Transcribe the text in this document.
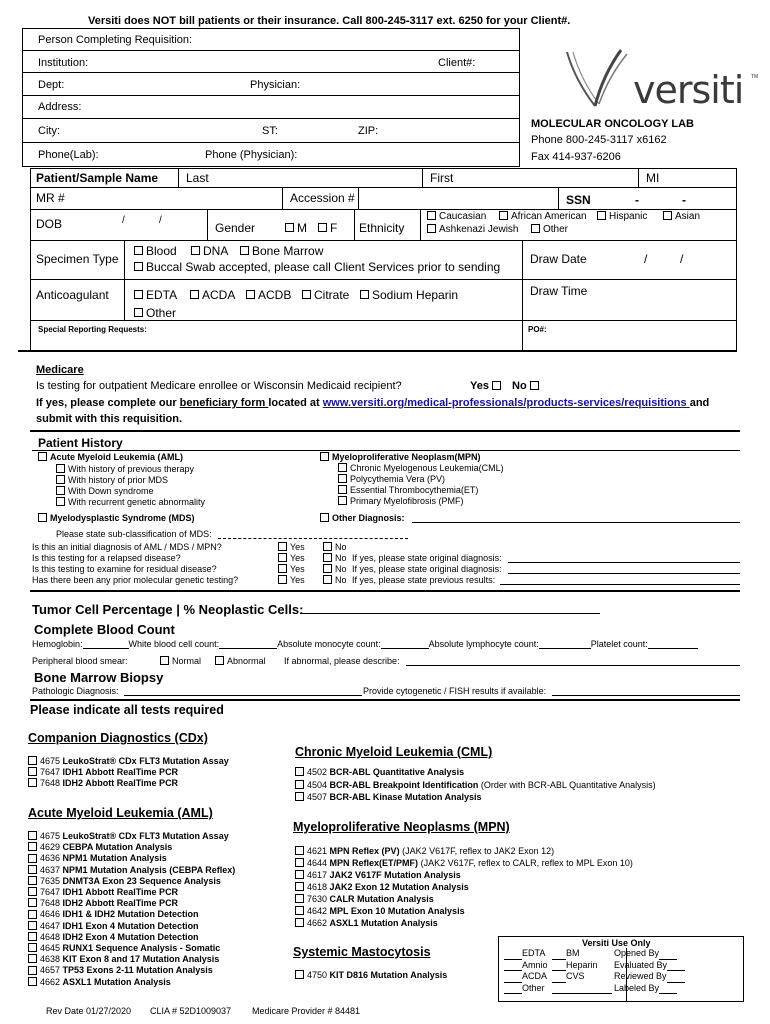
Versiti does NOT bill patients or their insurance. Call 800-245-3117 ext. 6250 for your Client#.
Person Completing Requisition:
Institution:	Client#:
Dept:	Physician:
Address:
City:	ST:	ZIP:
Phone(Lab):	Phone (Physician):
versiti TM
MOLECULAR ONCOLOGY LAB
Phone 800-245-3117 x6162
Fax 414-937-6206
Patient/Sample Name Last	First	MI
MR #	Accession #	SSN	-	-
DOB	/	/
Gender	M	F Ethnicity
Caucasian	African American	Hispanic	Asian
Ashkenazi Jewish	Other
Specimen Type
Blood	DNA	Bone Marrow
Buccal Swab accepted, please call Client Services prior to sending
Draw Date	/	/
Anticoagulant	EDTA	ACDA	ACDB	Citrate	Sodium Heparin
Other
Draw Time
Special Reporting Requests:	PO#:
Medicare
Is testing for outpatient Medicare enrollee or Wisconsin Medicaid recipient?	Yes	No
If yes, please complete our beneficiary form located at www.versiti.org/medical-professionals/products-services/requisitions and
submit with this requisition.
Patient History
Acute Myeloid Leukemia (AML)
With history of previous therapy
With history of prior MDS
With Down syndrome
With recurrent genetic abnormality
Myeloproliferative Neoplasm(MPN)
Chronic Myelogenous Leukemia(CML)
Polycythemia Vera (PV)
Essential Thrombocythemia(ET)
Primary Myelofibrosis (PMF)
Myelodysplastic Syndrome (MDS)	Other Diagnosis:
Please state sub-classification of MDS:
Is this an initial diagnosis of AML / MDS / MPN?	Yes	No
Is this testing for a relapsed disease?	Yes	No If yes, please state original diagnosis:
Is this testing to examine for residual disease?	Yes	No If yes, please state original diagnosis:
Has there been any prior molecular genetic testing?	Yes	No If yes, please state previous results:
Tumor Cell Percentage | % Neoplastic Cells:
Complete Blood Count
Hemoglobin:	White blood cell count:	Absolute monocyte count:	Absolute lymphocyte count:	Platelet count:
Peripheral blood smear:	Normal	Abnormal If abnormal, please describe:
Bone Marrow Biopsy
Pathologic Diagnosis:	Provide cytogenetic / FISH results if available:
Please indicate all tests required
Companion Diagnostics (CDx)
4675 LeukoStrat® CDx FLT3 Mutation Assay
7647 IDH1 Abbott RealTime PCR
7648 IDH2 Abbott RealTime PCR
Acute Myeloid Leukemia (AML)
4675 LeukoStrat® CDx FLT3 Mutation Assay
4629 CEBPA Mutation Analysis
4636 NPM1 Mutation Analysis
4637 NPM1 Mutation Analysis (CEBPA Reflex)
7635 DNMT3A Exon 23 Sequence Analysis
7647 IDH1 Abbott RealTime PCR
7648 IDH2 Abbott RealTime PCR
4646 IDH1 & IDH2 Mutation Detection
4647 IDH1 Exon 4 Mutation Detection
4648 IDH2 Exon 4 Mutation Detection
4645 RUNX1 Sequence Analysis - Somatic
4638 KIT Exon 8 and 17 Mutation Analysis
4657 TP53 Exons 2-11 Mutation Analysis
4662 ASXL1 Mutation Analysis
Chronic Myeloid Leukemia (CML)
4502 BCR-ABL Quantitative Analysis
4504 BCR-ABL Breakpoint Identification (Order with BCR-ABL Quantitative Analysis)
4507 BCR-ABL Kinase Mutation Analysis
Myeloproliferative Neoplasms (MPN)
4621 MPN Reflex (PV) (JAK2 V617F, reflex to JAK2 Exon 12)
4644 MPN Reflex(ET/PMF) (JAK2 V617F, reflex to CALR, reflex to MPL Exon 10)
4617 JAK2 V617F Mutation Analysis
4618 JAK2 Exon 12 Mutation Analysis
7630 CALR Mutation Analysis
4642 MPL Exon 10 Mutation Analysis
4662 ASXL1 Mutation Analysis
Systemic Mastocytosis
4750 KIT D816 Mutation Analysis
Versiti Use Only
EDTA BM	Opened By
Amnio Heparin Evaluated By
ACDA CVS	Reviewed By
Other	Labeled By
Rev Date 01/27/2020 CLIA # 52D1009037 Medicare Provider # 84481
